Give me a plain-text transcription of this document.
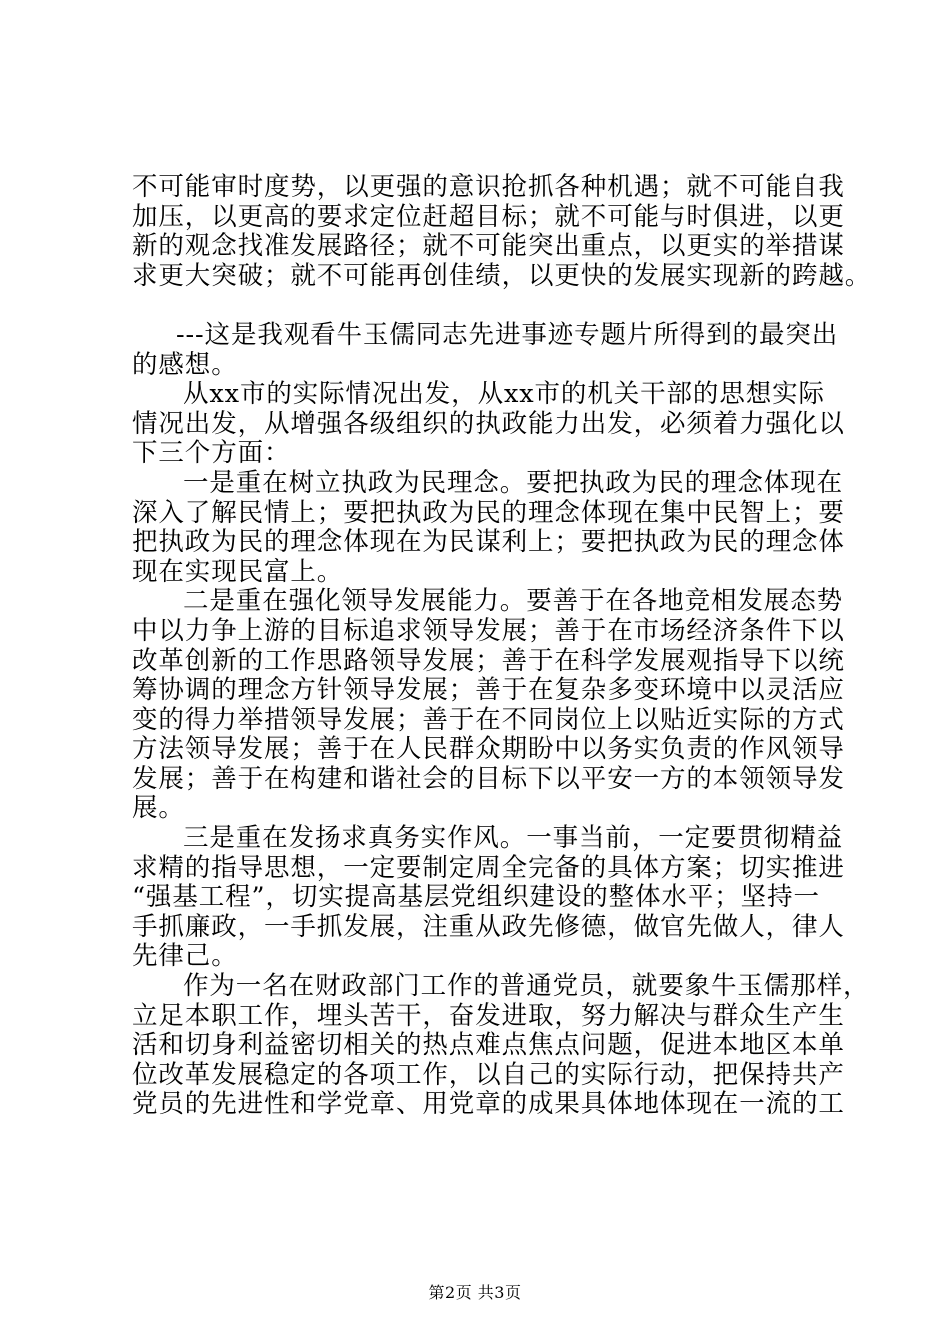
不可能审时度势，以更强的意识抢抓各种机遇；就不可能自我
加压，以更高的要求定位赶超目标；就不可能与时俱进，以更
新的观念找准发展路径；就不可能突出重点，以更实的举措谋
求更大突破；就不可能再创佳绩，以更快的发展实现新的跨越。
---这是我观看牛玉儒同志先进事迹专题片所得到的最突出
的感想。
从xx市的实际情况出发，从xx市的机关干部的思想实际
情况出发，从增强各级组织的执政能力出发，必须着力强化以
下三个方面：
一是重在树立执政为民理念。要把执政为民的理念体现在
深入了解民情上；要把执政为民的理念体现在集中民智上；要
把执政为民的理念体现在为民谋利上；要把执政为民的理念体
现在实现民富上。
二是重在强化领导发展能力。要善于在各地竞相发展态势
中以力争上游的目标追求领导发展；善于在市场经济条件下以
改革创新的工作思路领导发展；善于在科学发展观指导下以统
筹协调的理念方针领导发展；善于在复杂多变环境中以灵活应
变的得力举措领导发展；善于在不同岗位上以贴近实际的方式
方法领导发展；善于在人民群众期盼中以务实负责的作风领导
发展；善于在构建和谐社会的目标下以平安一方的本领领导发
展。
三是重在发扬求真务实作风。一事当前，一定要贯彻精益
求精的指导思想，一定要制定周全完备的具体方案；切实推进
“强基工程”，切实提高基层党组织建设的整体水平；坚持一
手抓廉政，一手抓发展，注重从政先修德，做官先做人，律人
先律己。
作为一名在财政部门工作的普通党员，就要象牛玉儒那样，
立足本职工作，埋头苦干，奋发进取，努力解决与群众生产生
活和切身利益密切相关的热点难点焦点问题，促进本地区本单
位改革发展稳定的各项工作，以自己的实际行动，把保持共产
党员的先进性和学党章、用党章的成果具体地体现在一流的工
第2页 共3页
